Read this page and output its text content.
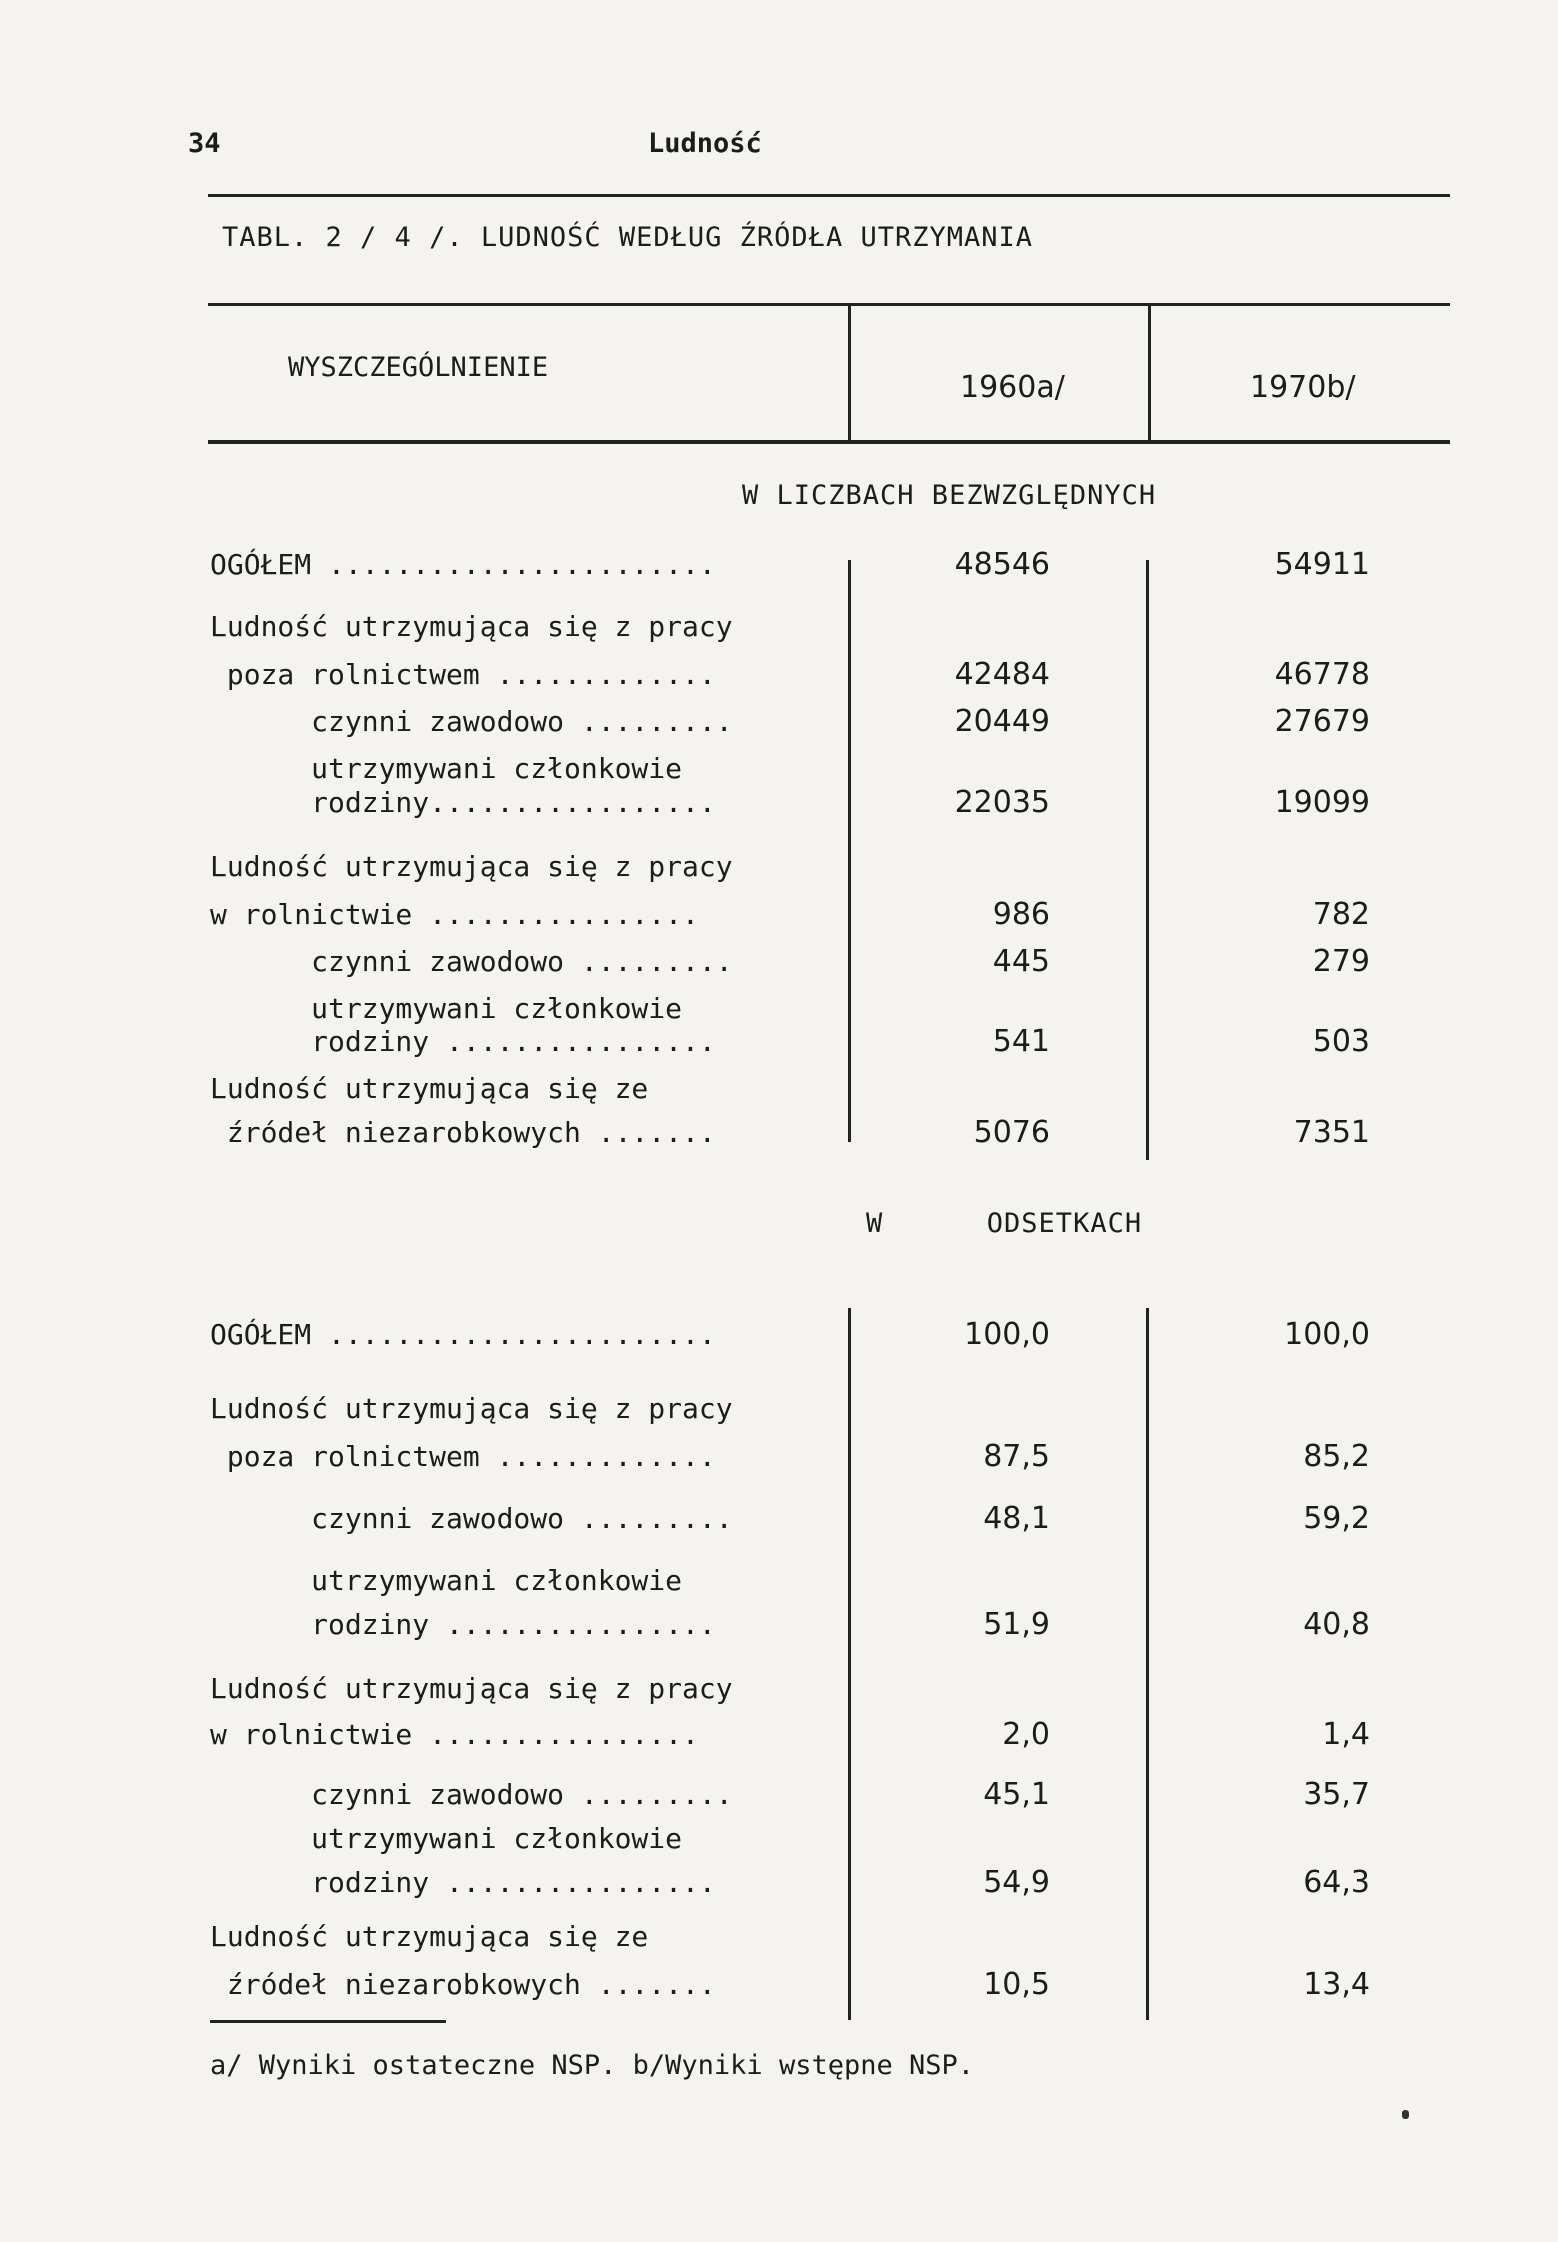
34	Ludność
TABL. 2 / 4 /. LUDNOŚĆ WEDŁUG ŹRÓDŁA UTRZYMANIA
WYSZCZEGÓLNIENIE
1960a/	1970b/
W LICZBACH BEZWZGLĘDNYCH
OGÓŁEM .......................	48546	54911
Ludność utrzymująca się z pracy
poza rolnictwem .............	42484	46778
czynni zawodowo .........	20449	27679
utrzymywani członkowie
rodziny.................	22035	19099
Ludność utrzymująca się z pracy
w rolnictwie ................	986	782
czynni zawodowo .........	445	279
utrzymywani członkowie
rodziny ................	541	503
Ludność utrzymująca się ze
źródeł niezarobkowych .......	5076	7351
W      ODSETKACH
OGÓŁEM .......................	100,0	100,0
Ludność utrzymująca się z pracy
poza rolnictwem .............	87,5	85,2
czynni zawodowo .........	48,1	59,2
utrzymywani członkowie
rodziny ................	51,9	40,8
Ludność utrzymująca się z pracy
w rolnictwie ................	2,0	1,4
czynni zawodowo .........	45,1	35,7
utrzymywani członkowie
rodziny ................	54,9	64,3
Ludność utrzymująca się ze
źródeł niezarobkowych .......	10,5	13,4
a/ Wyniki ostateczne NSP. b/Wyniki wstępne NSP.
